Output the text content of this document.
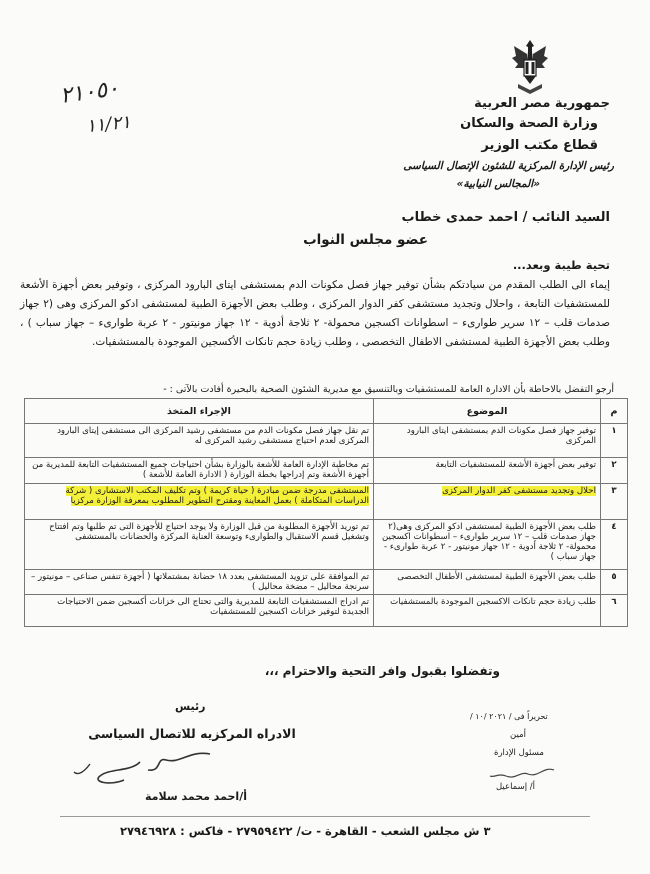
جمهورية مصر العربية
وزارة الصحة والسكان
قطاع مكتب الوزير
رئيس الإدارة المركزية للشئون الإتصال السياسى
«المجالس النيابية»
٢١٠٥٠
١١/٢١
السيد النائب / احمد حمدى خطاب
عضو مجلس النواب
تحية طيبة وبعد...
إيماء الى الطلب المقدم من سيادتكم بشأن توفير جهاز فصل مكونات الدم بمستشفى ايتاى البارود المركزى ، وتوفير بعض أجهزة الأشعة للمستشفيات التابعة ، واحلال وتجديد مستشفى كفر الدوار المركزى ، وطلب بعض الأجهزة الطبية لمستشفى ادكو المركزى وهى (٢ جهاز صدمات قلب – ١٢ سرير طوارىء – اسطوانات اكسجين محمولة- ٢ ثلاجة أدوية - ١٢ جهاز مونيتور - ٢ عربة طوارىء – جهاز سباب ) ، وطلب بعض الأجهزة الطبية لمستشفى الاطفال التخصصى ، وطلب زيادة حجم تانكات الأكسجين الموجودة بالمستشفيات.
أرجو التفضل بالاحاطة بأن الادارة العامة للمستشفيات وبالتنسيق مع مديرية الشئون الصحية بالبحيرة أفادت بالآتى : -
م	الموضوع	الإجراء المتخذ
١	توفير جهاز فصل مكونات الدم بمستشفى ايتاى البارود المركزى	تم نقل جهاز فصل مكونات الدم من مستشفى رشيد المركزى الى مستشفى إيتاى البارود المركزى لعدم احتياج مستشفى رشيد المركزى له
٢	توفير بعض أجهزة الأشعة للمستشفيات التابعة	تم مخاطبة الإدارة العامة للأشعة بالوزارة بشأن احتياجات جميع المستشفيات التابعة للمديرية من أجهزة الأشعة وتم إدراجها بخطة الوزارة ( الادارة العامة للأشعة )
٣	احلال وتجديد مستشفى كفر الدوار المركزى	المستشفى مدرجة ضمن مبادرة ( حياة كريمة ) وتم تكليف المكتب الاستشارى ( شركة الدراسات المتكاملة ) بعمل المعاينة ومقترح التطوير المطلوب بمعرفة الوزارة مركزيا
٤	طلب بعض الأجهزة الطبية لمستشفى ادكو المركزى وهى(٢ جهاز صدمات قلب – ١٢ سرير طوارىء – اسطوانات اكسجين محمولة- ٢ ثلاجة أدوية - ١٢ جهاز مونيتور - ٢ عربة طوارىء - جهاز سباب )	تم توريد الأجهزة المطلوبة من قبل الوزارة ولا يوجد احتياج للأجهزة التى تم طلبها وتم افتتاح وتشغيل قسم الاستقبال والطوارىء وتوسعة العناية المركزة والحضانات بالمستشفى
٥	طلب بعض الأجهزة الطبية لمستشفى الأطفال التخصصى	تم الموافقة على تزويد المستشفى بعدد ١٨ حضانة بمشتملاتها ( أجهزة تنفس صناعى – مونيتور – سرنجة محاليل – مضخة محاليل )
٦	طلب زيادة حجم تانكات الاكسجين الموجودة بالمستشفيات	تم ادراج المستشفيات التابعة للمديرية والتى تحتاج الى خزانات أكسجين ضمن الاحتياجات الجديدة لتوفير خزانات اكسجين للمستشفيات
وتفضلوا بقبول وافر التحية والاحترام ،،،
رئيس
الادراه المركزيه للاتصال السياسى
أ/احمد محمد سلامة
تحريراً فى / ٢٠٢١ /١٠ /
أمين
مسئول الإدارة
أ/ إسماعيل
٣ ش مجلس الشعب - القاهرة - ت/ ٢٧٩٥٩٤٢٢ - فاكس : ٢٧٩٤٦٩٢٨
